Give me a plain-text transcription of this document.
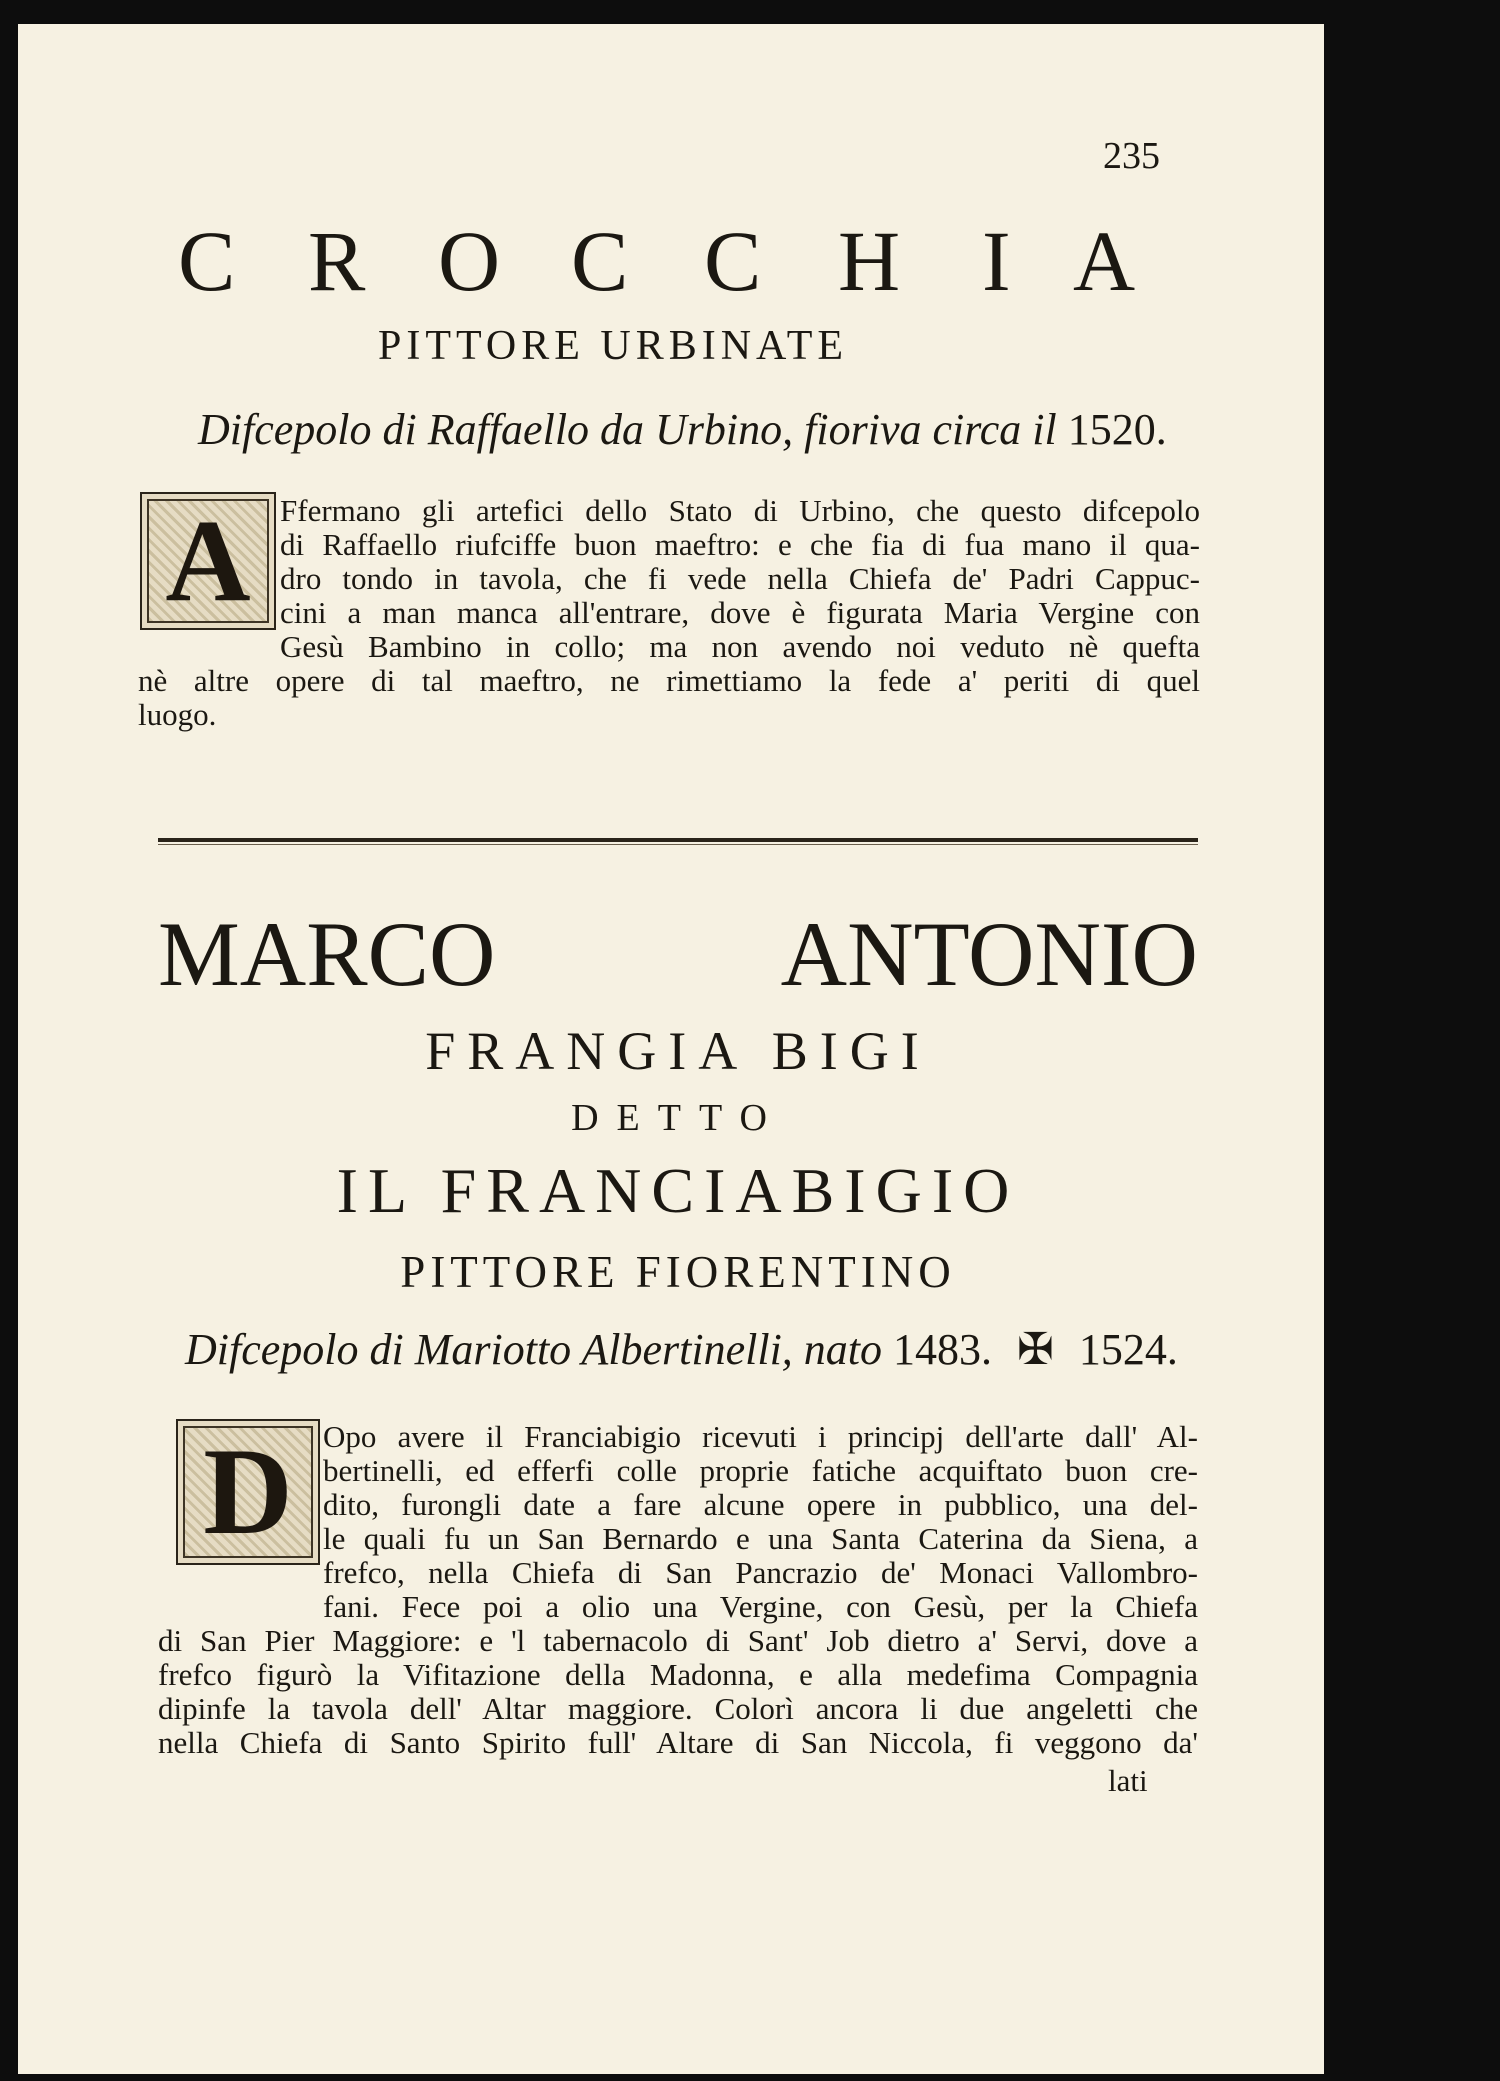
235
C R O C C H I A
PITTORE URBINATE
Difcepolo di Raffaello da Urbino, fioriva circa il 1520.
A Ffermano gli artefici dello Stato di Urbino, che questo difcepolo
di Raffaello riufciffe buon maeftro: e che fia di fua mano il qua-
dro tondo in tavola, che fi vede nella Chiefa de' Padri Cappuc-
cini a man manca all'entrare, dove è figurata Maria Vergine con
Gesù Bambino in collo; ma non avendo noi veduto nè quefta
nè altre opere di tal maeftro, ne rimettiamo la fede a' periti di quel
luogo.
MARCO	ANTONIO
FRANGIA BIGI
DETTO
IL FRANCIABIGIO
PITTORE FIORENTINO
Difcepolo di Mariotto Albertinelli, nato 1483. ✠ 1524.
D Opo avere il Franciabigio ricevuti i principj dell'arte dall' Al-
bertinelli, ed efferfi colle proprie fatiche acquiftato buon cre-
dito, furongli date a fare alcune opere in pubblico, una del-
le quali fu un San Bernardo e una Santa Caterina da Siena, a
frefco, nella Chiefa di San Pancrazio de' Monaci Vallombro-
fani. Fece poi a olio una Vergine, con Gesù, per la Chiefa
di San Pier Maggiore: e 'l tabernacolo di Sant' Job dietro a' Servi, dove a
frefco figurò la Vifitazione della Madonna, e alla medefima Compagnia
dipinfe la tavola dell' Altar maggiore. Colorì ancora li due angeletti che
nella Chiefa di Santo Spirito full' Altare di San Niccola, fi veggono da'
lati
